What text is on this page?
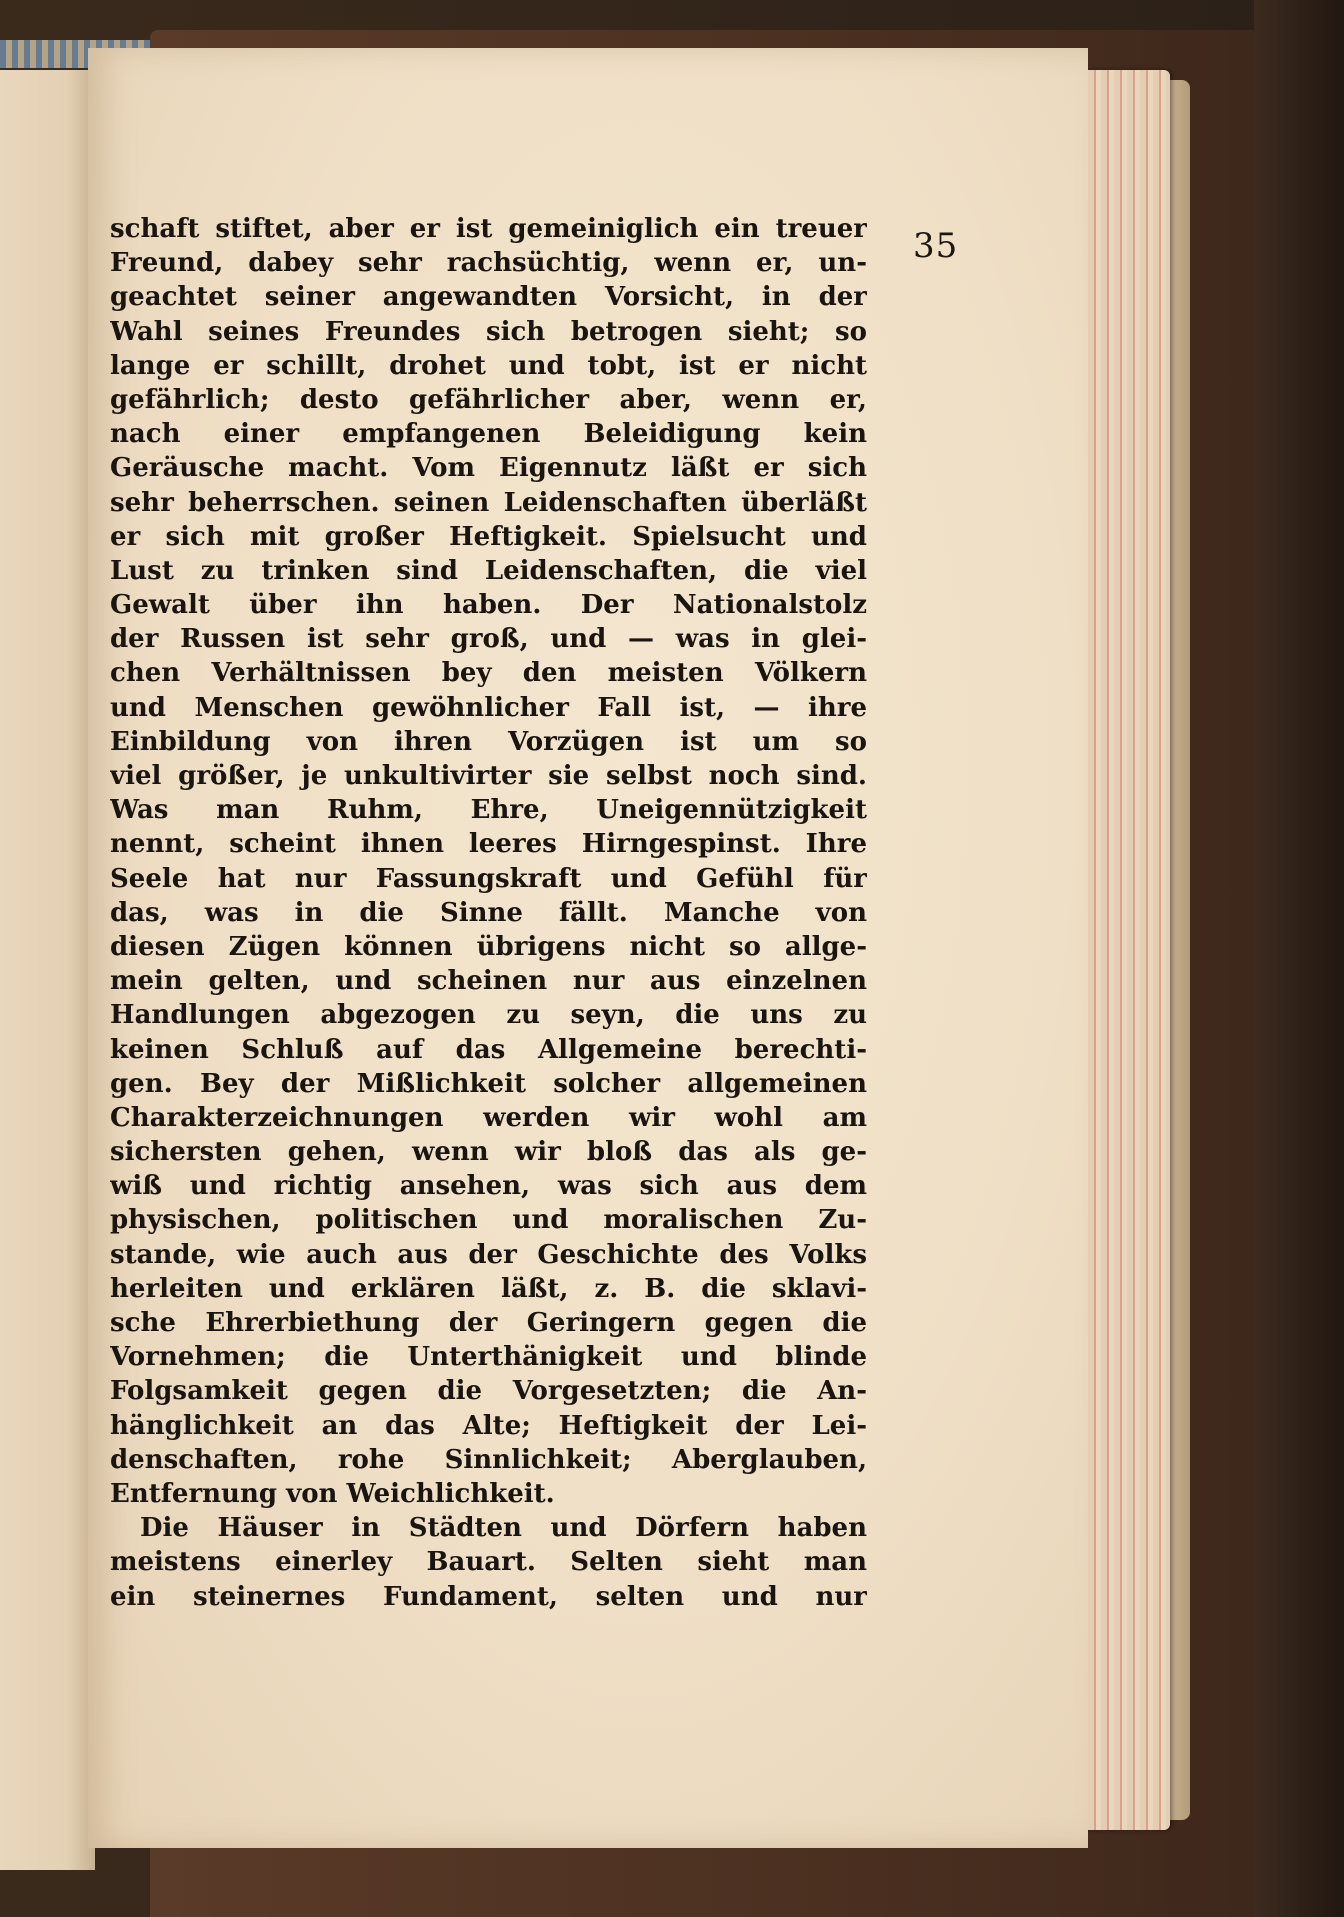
35
schaft stiftet, aber er ist gemeiniglich ein treuer
Freund, dabey sehr rachsüchtig, wenn er, un-
geachtet seiner angewandten Vorsicht, in der
Wahl seines Freundes sich betrogen sieht; so
lange er schillt, drohet und tobt, ist er nicht
gefährlich; desto gefährlicher aber, wenn er,
nach einer empfangenen Beleidigung kein
Geräusche macht. Vom Eigennutz läßt er sich
sehr beherrschen. seinen Leidenschaften überläßt
er sich mit großer Heftigkeit. Spielsucht und
Lust zu trinken sind Leidenschaften, die viel
Gewalt über ihn haben. Der Nationalstolz
der Russen ist sehr groß, und — was in glei-
chen Verhältnissen bey den meisten Völkern
und Menschen gewöhnlicher Fall ist, — ihre
Einbildung von ihren Vorzügen ist um so
viel größer, je unkultivirter sie selbst noch sind.
Was man Ruhm, Ehre, Uneigennützigkeit
nennt, scheint ihnen leeres Hirngespinst. Ihre
Seele hat nur Fassungskraft und Gefühl für
das, was in die Sinne fällt. Manche von
diesen Zügen können übrigens nicht so allge-
mein gelten, und scheinen nur aus einzelnen
Handlungen abgezogen zu seyn, die uns zu
keinen Schluß auf das Allgemeine berechti-
gen. Bey der Mißlichkeit solcher allgemeinen
Charakterzeichnungen werden wir wohl am
sichersten gehen, wenn wir bloß das als ge-
wiß und richtig ansehen, was sich aus dem
physischen, politischen und moralischen Zu-
stande, wie auch aus der Geschichte des Volks
herleiten und erklären läßt, z. B. die sklavi-
sche Ehrerbiethung der Geringern gegen die
Vornehmen; die Unterthänigkeit und blinde
Folgsamkeit gegen die Vorgesetzten; die An-
hänglichkeit an das Alte; Heftigkeit der Lei-
denschaften, rohe Sinnlichkeit; Aberglauben,
Entfernung von Weichlichkeit.
Die Häuser in Städten und Dörfern haben
meistens einerley Bauart. Selten sieht man
ein steinernes Fundament, selten und nur
